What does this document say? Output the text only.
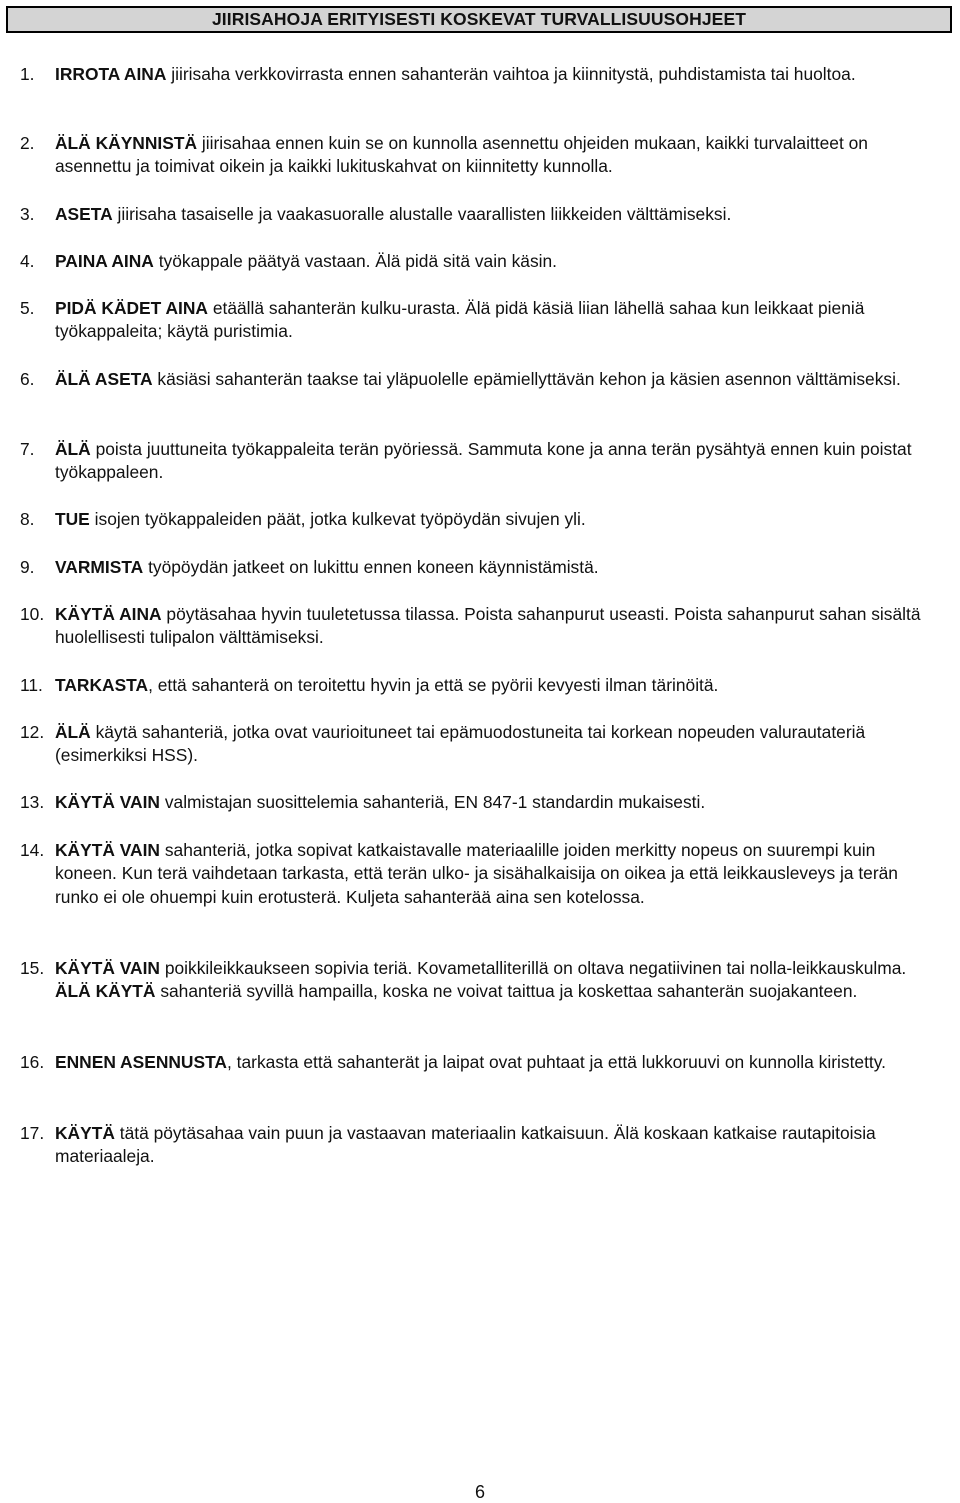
JIIRISAHOJA ERITYISESTI KOSKEVAT TURVALLISUUSOHJEET
1.	IRROTA AINA jiirisaha verkkovirrasta ennen sahanterän vaihtoa ja kiinnitystä, puhdistamista tai huoltoa.
2.	ÄLÄ KÄYNNISTÄ jiirisahaa ennen kuin se on kunnolla asennettu ohjeiden mukaan, kaikki turvalaitteet on asennettu ja toimivat oikein ja kaikki lukituskahvat on kiinnitetty kunnolla.
3.	ASETA jiirisaha tasaiselle ja vaakasuoralle alustalle vaarallisten liikkeiden välttämiseksi.
4.	PAINA AINA työkappale päätyä vastaan. Älä pidä sitä vain käsin.
5.	PIDÄ KÄDET AINA etäällä sahanterän kulku-urasta. Älä pidä käsiä liian lähellä sahaa kun leikkaat pieniä työkappaleita; käytä puristimia.
6.	ÄLÄ ASETA käsiäsi sahanterän taakse tai yläpuolelle epämiellyttävän kehon ja käsien asennon välttämiseksi.
7.	ÄLÄ poista juuttuneita työkappaleita terän pyöriessä. Sammuta kone ja anna terän pysähtyä ennen kuin poistat työkappaleen.
8.	TUE isojen työkappaleiden päät, jotka kulkevat työpöydän sivujen yli.
9.	VARMISTA työpöydän jatkeet on lukittu ennen koneen käynnistämistä.
10. KÄYTÄ AINA pöytäsahaa hyvin tuuletetussa tilassa. Poista sahanpurut useasti. Poista sahanpurut sahan sisältä huolellisesti tulipalon välttämiseksi.
11. TARKASTA, että sahanterä on teroitettu hyvin ja että se pyörii kevyesti ilman tärinöitä.
12. ÄLÄ käytä sahanteriä, jotka ovat vaurioituneet tai epämuodostuneita tai korkean nopeuden valurautateriä (esimerkiksi HSS).
13. KÄYTÄ VAIN valmistajan suosittelemia sahanteriä, EN 847-1 standardin mukaisesti.
14. KÄYTÄ VAIN sahanteriä, jotka sopivat katkaistavalle materiaalille joiden merkitty nopeus on suurempi kuin koneen. Kun terä vaihdetaan tarkasta, että terän ulko- ja sisähalkaisija on oikea ja että leikkausleveys ja terän runko ei ole ohuempi kuin erotusterä. Kuljeta sahanterää aina sen kotelossa.
15. KÄYTÄ VAIN poikkileikkaukseen sopivia teriä. Kovametalliterillä on oltava negatiivinen tai nolla-leikkauskulma. ÄLÄ KÄYTÄ sahanteriä syvillä hampailla, koska ne voivat taittua ja koskettaa sahanterän suojakanteen.
16. ENNEN ASENNUSTA, tarkasta että sahanterät ja laipat ovat puhtaat ja että lukkoruuvi on kunnolla kiristetty.
17. KÄYTÄ tätä pöytäsahaa vain puun ja vastaavan materiaalin katkaisuun. Älä koskaan katkaise rautapitoisia materiaaleja.
6
